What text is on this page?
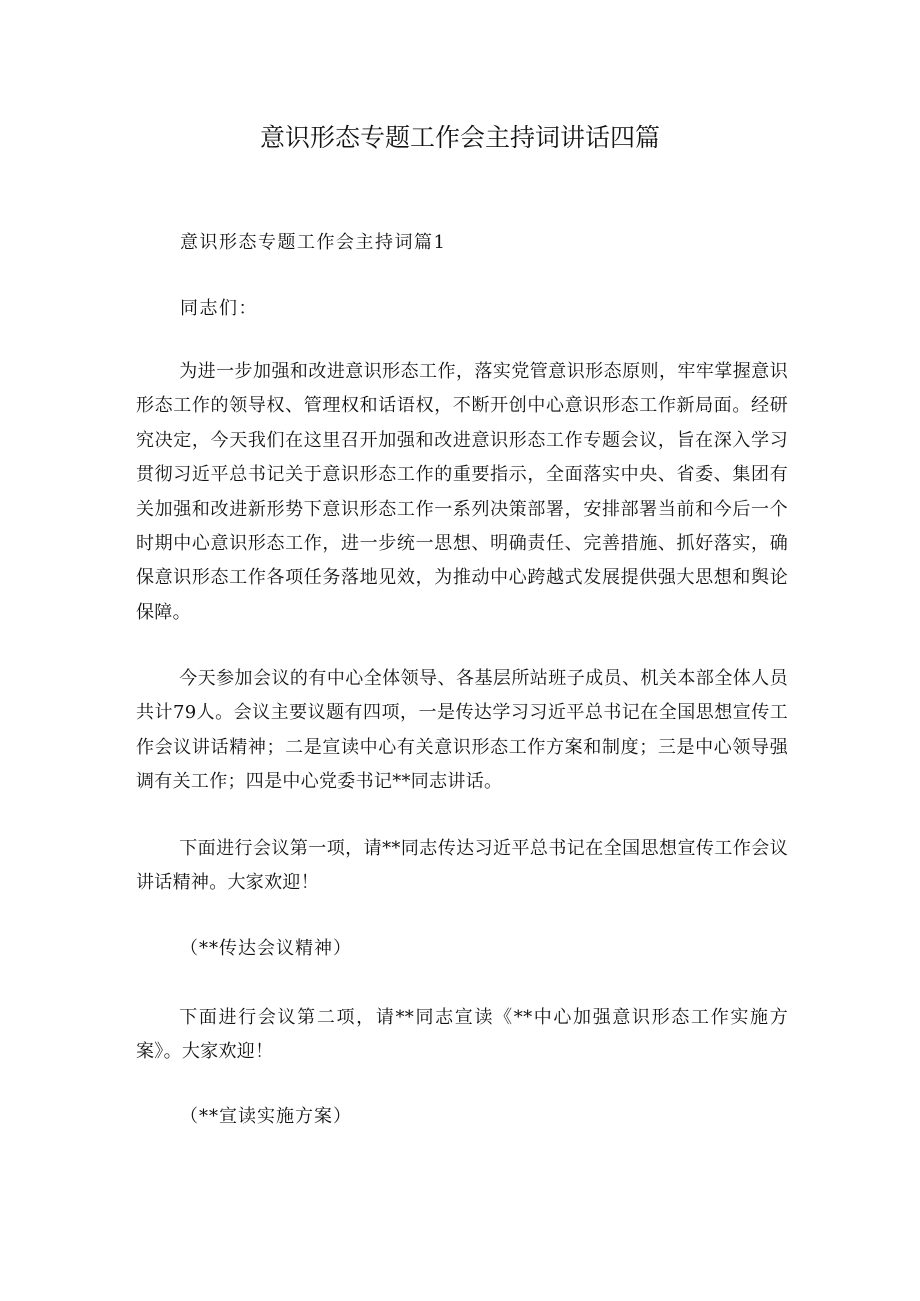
意识形态专题工作会主持词讲话四篇

意识形态专题工作会主持词篇1

同志们：

为进一步加强和改进意识形态工作，落实党管意识形态原则，牢牢掌握意识形态工作的领导权、管理权和话语权，不断开创中心意识形态工作新局面。经研究决定，今天我们在这里召开加强和改进意识形态工作专题会议，旨在深入学习贯彻习近平总书记关于意识形态工作的重要指示，全面落实中央、省委、集团有关加强和改进新形势下意识形态工作一系列决策部署，安排部署当前和今后一个时期中心意识形态工作，进一步统一思想、明确责任、完善措施、抓好落实，确保意识形态工作各项任务落地见效，为推动中心跨越式发展提供强大思想和舆论保障。

今天参加会议的有中心全体领导、各基层所站班子成员、机关本部全体人员共计79人。会议主要议题有四项，一是传达学习习近平总书记在全国思想宣传工作会议讲话精神；二是宣读中心有关意识形态工作方案和制度；三是中心领导强调有关工作；四是中心党委书记**同志讲话。

下面进行会议第一项，请**同志传达习近平总书记在全国思想宣传工作会议讲话精神。大家欢迎！

（**传达会议精神）

下面进行会议第二项，请**同志宣读《**中心加强意识形态工作实施方案》。大家欢迎！

（**宣读实施方案）
